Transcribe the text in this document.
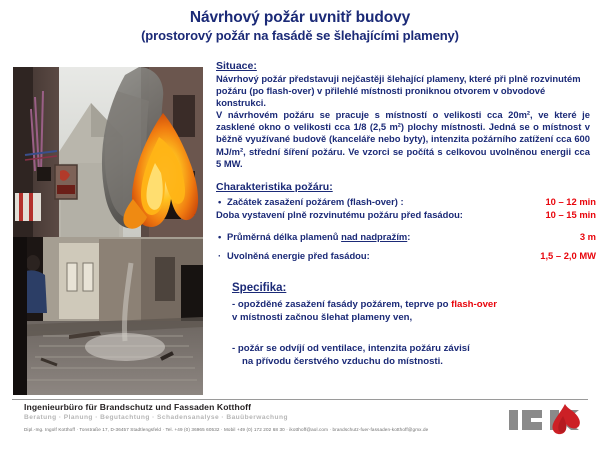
Návrhový požár uvnitř budovy
(prostorový požár na fasádě se šlehajícími plameny)
Situace:
Návrhový požár představuji nejčastěji šlehající plameny, které při plně rozvinutém požáru (po flash-over) v přilehlé místnosti proniknou otvorem v obvodové konstrukci.
V návrhovém požáru se pracuje s místností o velikosti cca 20m², ve které je zasklené okno o velikosti cca 1/8 (2,5 m²) plochy místnosti. Jedná se o místnost v běžně využívané budově (kanceláře nebo byty), intenzita požárního zatížení cca 600 MJ/m², střední šíření požáru. Ve vzorci se počítá s celkovou uvolněnou energii cca 5 MW.
Charakteristika požáru:
• Začátek zasažení požárem (flash-over) :	10 – 12 min
Doba vystavení plně rozvinutému požáru před fasádou:	10 – 15 min
• Průměrná délka plamenů nad nadpražím:	3 m
· Uvolněná energie před fasádou:	1,5 – 2,0 MW
Specifika:
- opožděné zasažení fasády požárem, teprve po flash-over
v místnosti začnou šlehat plameny ven,
- požár se odvíjí od ventilace, intenzita požáru závisí
na přívodu čerstvého vzduchu do místnosti.
Ingenieurbüro für Brandschutz und Fassaden Kotthoff
Beratung · Planung · Begutachtung · Schadensanalyse · Bauüberwachung
Dipl.-Ing. Ingolf Kotthoff · Tonstraße 17, D-36457 Stadtlengsfeld · Tel. +49 (0) 36965 60532 · Mobil +49 (0) 172 202 68 30 · ikotthoff@aol.com · brandschutz-fuer-fassaden-kotthoff@gmx.de
